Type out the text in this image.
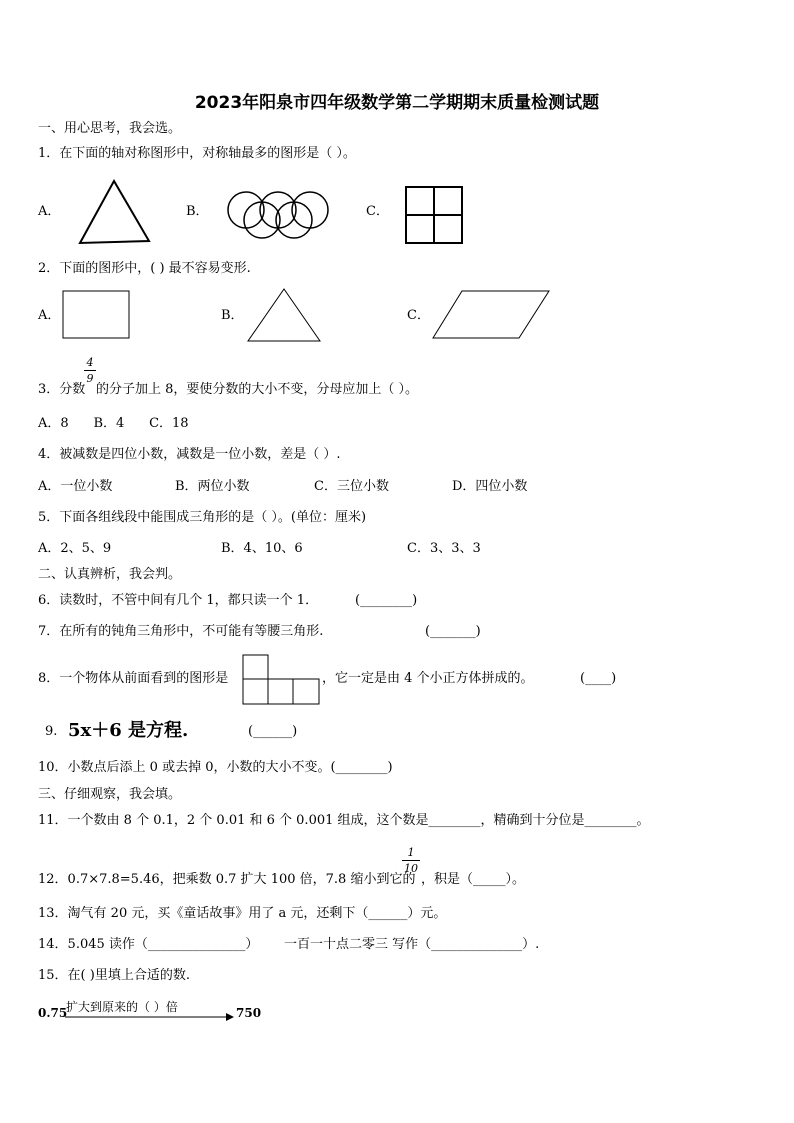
2023年阳泉市四年级数学第二学期期末质量检测试题
一、用心思考，我会选。
1．在下面的轴对称图形中，对称轴最多的图形是（ ）。
A．	B．	C．
2．下面的图形中，( ) 最不容易变形.
A．	B．	C．
3．分数
4
9
的分子加上 8，要使分数的大小不变，分母应加上（ ）。
A．8      B．4      C．18
4．被减数是四位小数，减数是一位小数，差是（ ）.
A．一位小数	B．两位小数	C．三位小数	D．四位小数
5．下面各组线段中能围成三角形的是（ ）。(单位：厘米)
A．2、5、9	B．4、10、6	C．3、3、3
二、认真辨析，我会判。
6．读数时，不管中间有几个 1，都只读一个 1．	(________)
7．在所有的钝角三角形中，不可能有等腰三角形.	(_______)
8．一个物体从前面看到的图形是	，它一定是由 4 个小正方体拼成的。	(____)
9. 5x＋6 是方程.	(______)
10．小数点后添上 0 或去掉 0，小数的大小不变。(________)
三、仔细观察，我会填。
11．一个数由 8 个 0.1，2 个 0.01 和 6 个 0.001 组成，这个数是________，精确到十分位是________。
12．0.7×7.8=5.46，把乘数 0.7 扩大 100 倍，7.8 缩小到它的
1
10
，积是（_____）。
13．淘气有 20 元，买《童话故事》用了 a 元，还剩下（______）元。
14．5.045 读作（_______________） 一百一十点二零三 写作（______________）.
15．在( )里填上合适的数.
0.75
扩大到原来的（ ）倍	750
